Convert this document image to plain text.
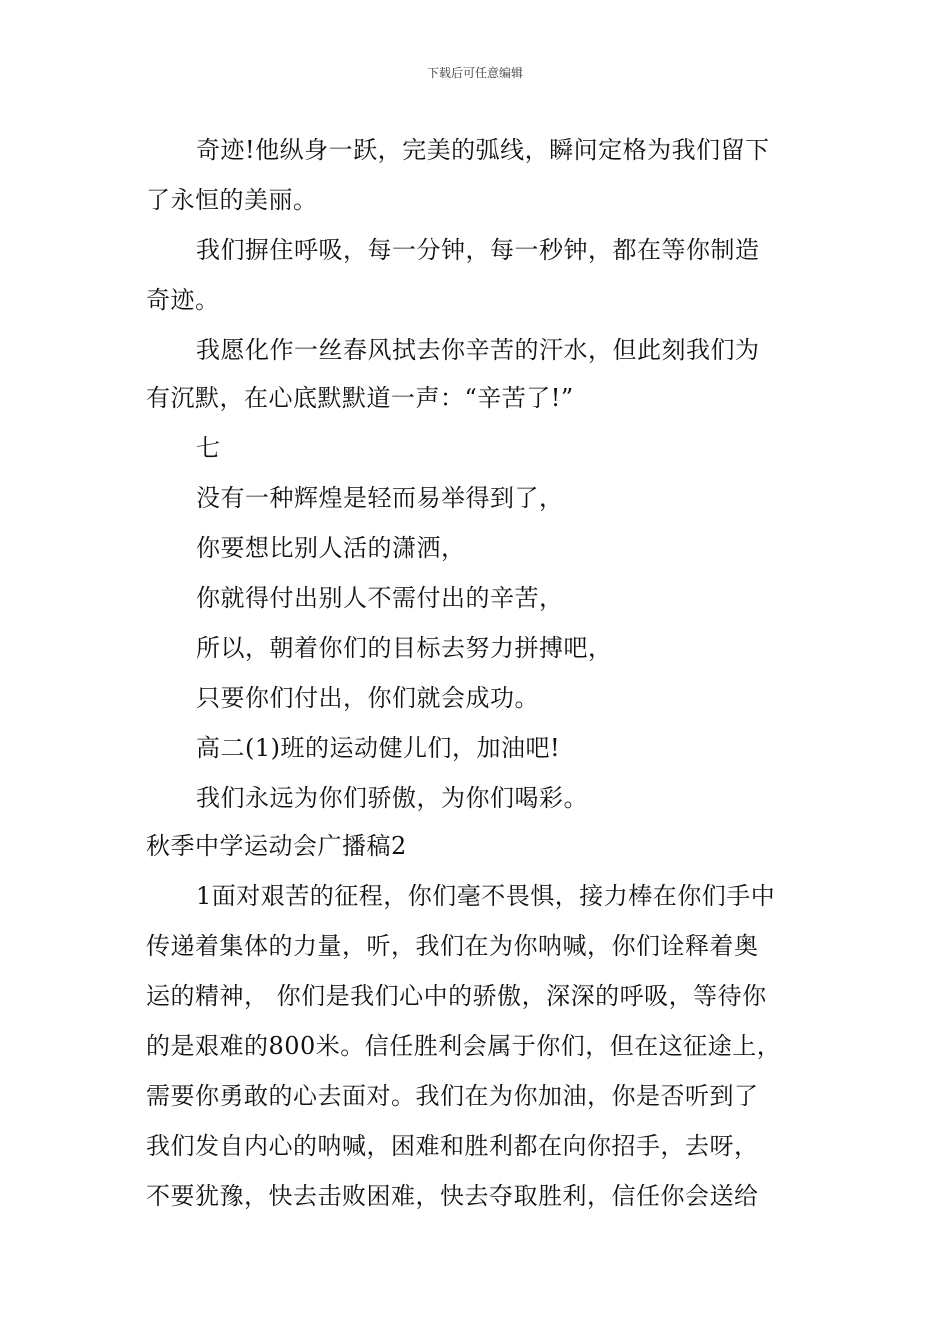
下载后可任意编辑
奇迹!他纵身一跃，完美的弧线，瞬问定格为我们留下
了永恒的美丽。
我们摒住呼吸，每一分钟，每一秒钟，都在等你制造
奇迹。
我愿化作一丝春风拭去你辛苦的汗水，但此刻我们为
有沉默，在心底默默道一声：“辛苦了!”
七
没有一种辉煌是轻而易举得到了，
你要想比别人活的潇洒，
你就得付出别人不需付出的辛苦，
所以，朝着你们的目标去努力拼搏吧，
只要你们付出，你们就会成功。
高二(1)班的运动健儿们，加油吧!
我们永远为你们骄傲，为你们喝彩。
秋季中学运动会广播稿2
1面对艰苦的征程，你们毫不畏惧，接力棒在你们手中
传递着集体的力量，听，我们在为你呐喊，你们诠释着奥
运的精神， 你们是我们心中的骄傲，深深的呼吸，等待你
的是艰难的800米。信任胜利会属于你们，但在这征途上，
需要你勇敢的心去面对。我们在为你加油，你是否听到了
我们发自内心的呐喊，困难和胜利都在向你招手，去呀，
不要犹豫，快去击败困难，快去夺取胜利，信任你会送给
